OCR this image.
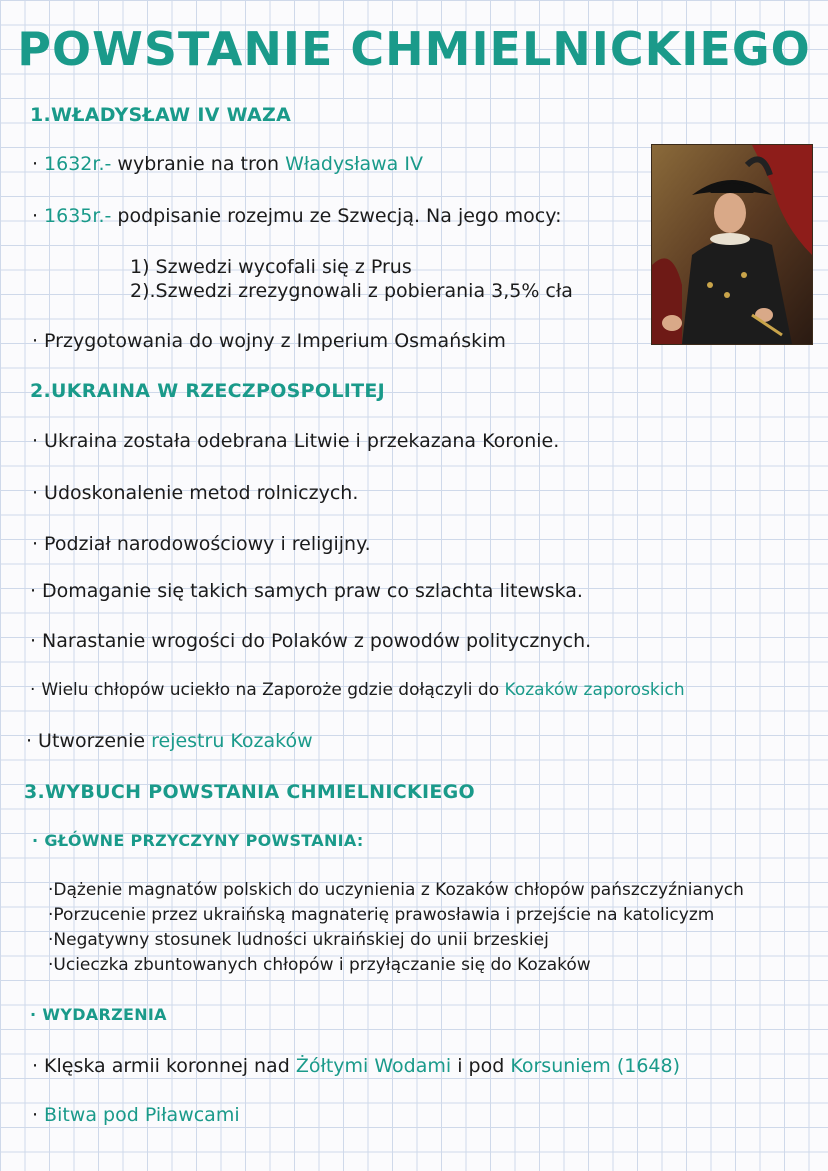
POWSTANIE CHMIELNICKIEGO
1.WŁADYSŁAW IV WAZA
· 1632r.- wybranie na tron Władysława IV
· 1635r.- podpisanie rozejmu ze Szwecją. Na jego mocy:
1) Szwedzi wycofali się z Prus
2).Szwedzi zrezygnowali z pobierania 3,5% cła
· Przygotowania do wojny z Imperium Osmańskim
2.UKRAINA W RZECZPOSPOLITEJ
· Ukraina została odebrana Litwie i przekazana Koronie.
· Udoskonalenie metod rolniczych.
· Podział narodowościowy i religijny.
· Domaganie się takich samych praw co szlachta litewska.
· Narastanie wrogości do Polaków z powodów politycznych.
· Wielu chłopów uciekło na Zaporoże gdzie dołączyli do Kozaków zaporoskich
· Utworzenie rejestru Kozaków
3.WYBUCH POWSTANIA CHMIELNICKIEGO
· GŁÓWNE PRZYCZYNY POWSTANIA:
·Dążenie magnatów polskich do uczynienia z Kozaków chłopów pańszczyźnianych
·Porzucenie przez ukraińską magnaterię prawosławia i przejście na katolicyzm
·Negatywny stosunek ludności ukraińskiej do unii brzeskiej
·Ucieczka zbuntowanych chłopów i przyłączanie się do Kozaków
· WYDARZENIA
· Klęska armii koronnej nad Żółtymi Wodami i pod Korsuniem (1648)
· Bitwa pod Piławcami
